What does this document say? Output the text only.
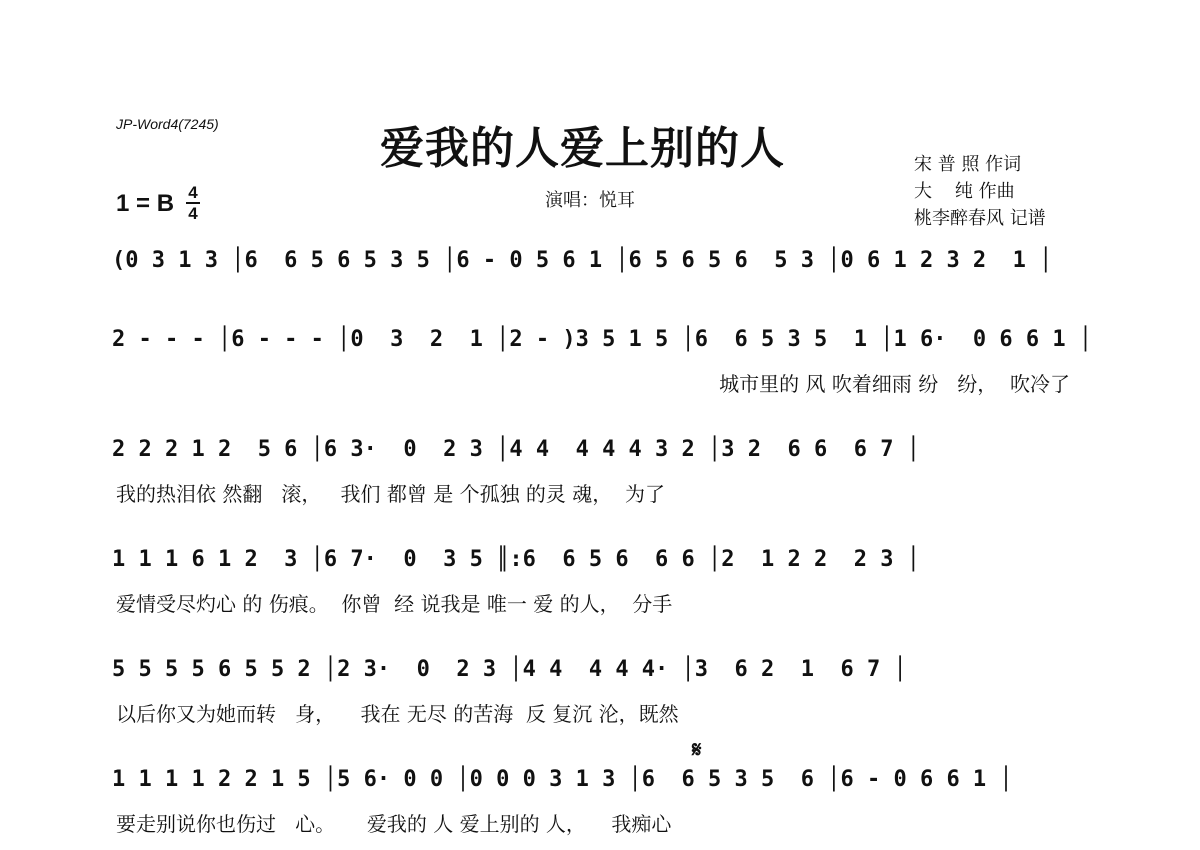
JP-Word4(7245)	爱我的人爱上别的人
演唱：悦耳
宋 普 照 作词
大    纯 作曲
桃李醉春风 记谱
1 = B 4
4
(0 3 1 3 │6  6 5 6 5 3 5 │6 - 0 5 6 1 │6 5 6 5 6  5 3 │0 6 1 2 3 2  1 │
2 - - - │6 - - - │0  3  2  1 │2 - )3 5 1 5 │6  6 5 3 5  1 │1 6·  0 6 6 1 │
城市里的 风 吹着细雨 纷   纷，  吹冷了
2 2 2 1 2  5 6 │6 3·  0  2 3 │4 4  4 4 4 3 2 │3 2  6 6  6 7 │
我的热泪依 然翻   滚，   我们 都曾 是 个孤独 的灵 魂，  为了
1 1 1 6 1 2  3 │6 7·  0  3 5 ║:6  6 5 6  6 6 │2  1 2 2  2 3 │
爱情受尽灼心 的 伤痕。  你曾  经 说我是 唯一 爱 的人，  分手
5 5 5 5 6 5 5 2 │2 3·  0  2 3 │4 4  4 4 4· │3  6 2  1  6 7 │
以后你又为她而转   身，    我在 无尽 的苦海  反 复沉 沦，既然
𝄋
1 1 1 1 2 2 1 5 │5 6· 0 0 │0 0 0 3 1 3 │6  6 5 3 5  6 │6 - 0 6 6 1 │
要走别说你也伤过   心。     爱我的 人 爱上别的 人，    我痴心
